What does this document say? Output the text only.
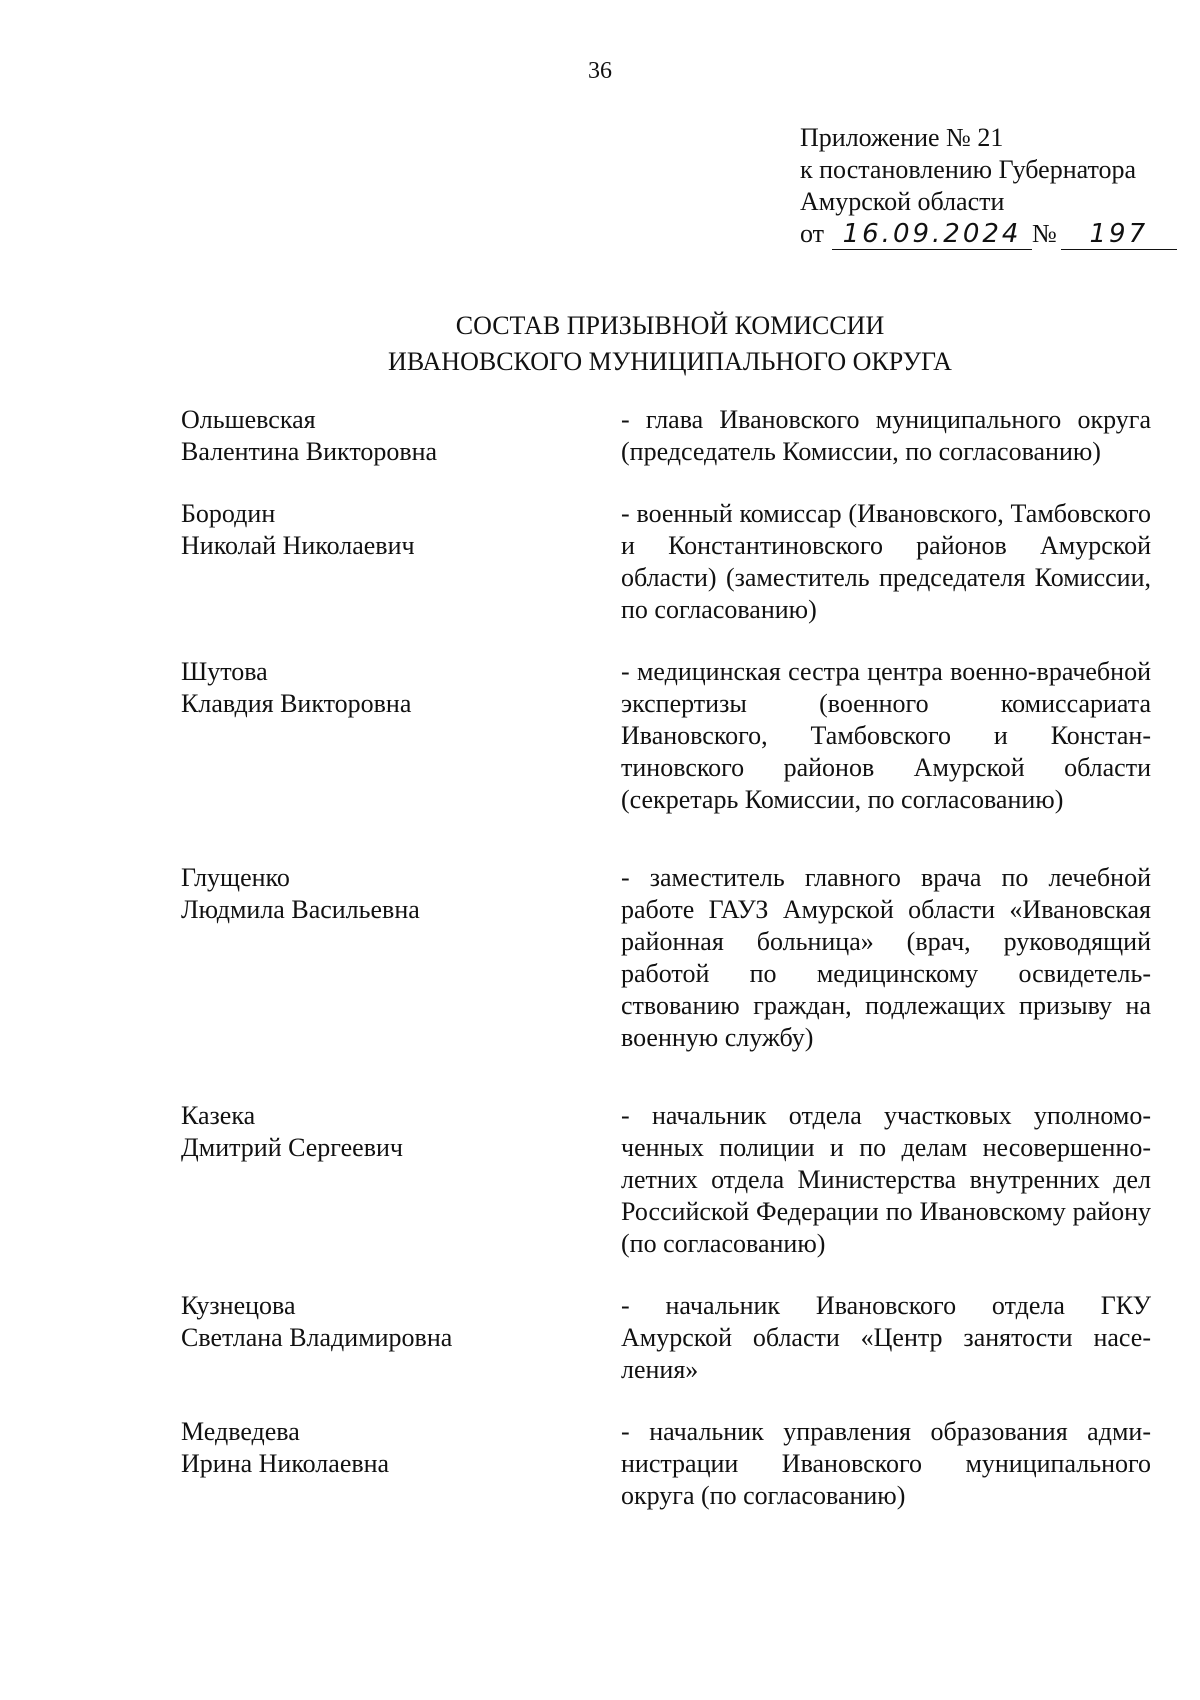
36
Приложение № 21
к постановлению Губернатора
Амурской области
от 16.09.2024 №	197
СОСТАВ ПРИЗЫВНОЙ КОМИССИИ
ИВАНОВСКОГО МУНИЦИПАЛЬНОГО ОКРУГА
Ольшевская
Валентина Викторовна
- глава Ивановского муниципального округа (председатель Комиссии, по согласованию)
Бородин
Николай Николаевич
- военный комиссар (Ивановского, Тамбовского и Константиновского районов Амурской области) (заместитель председателя Комиссии, по согласованию)
Шутова
Клавдия Викторовна
- медицинская сестра центра военно-врачебной экспертизы (военного комиссариата Ивановского, Тамбовского и Константиновского районов Амурской области (секретарь Комиссии, по согласованию)
Глущенко
Людмила Васильевна
- заместитель главного врача по лечебной работе ГАУЗ Амурской области «Ивановская районная больница» (врач, руководящий работой по медицинскому освидетельствованию граждан, подлежащих призыву на военную службу)
Казека
Дмитрий Сергеевич
- начальник отдела участковых уполномоченных полиции и по делам несовершеннолетних отдела Министерства внутренних дел Российской Федерации по Ивановскому району (по согласованию)
Кузнецова
Светлана Владимировна
- начальник Ивановского отдела ГКУ Амурской области «Центр занятости населения»
Медведева
Ирина Николаевна
- начальник управления образования администрации Ивановского муниципального округа (по согласованию)
